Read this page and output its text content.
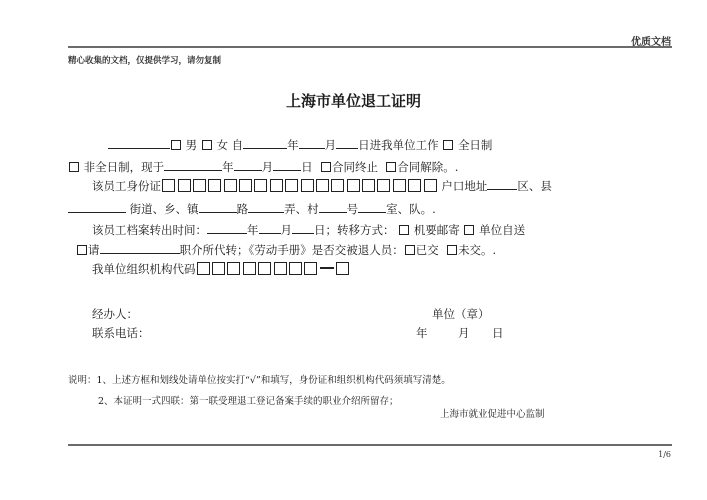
优质文档
精心收集的文档，仅提供学习，请勿复制
上海市单位退工证明
男 女 自	年 月 日进我单位工作 全日制
非全日制，现于	年 月 日 合同终止 合同解除。.
该员工身份证	户口地址	区、县
街道、乡、镇	路	弄、村 号 室、队。.
该员工档案转出时间：	年 月 日；转移方式： 机要邮寄 单位自送
请	职介所代转；《劳动手册》是否交被退人员： 已交 未交。.
我单位组织机构代码
经办人：	单位（章）
联系电话：	年	月 日
说明：1、上述方框和划线处请单位按实打“√”和填写，身份证和组织机构代码须填写清楚。
2、本证明一式四联：第一联受理退工登记备案手续的职业介绍所留存；
上海市就业促进中心监制
1/6
